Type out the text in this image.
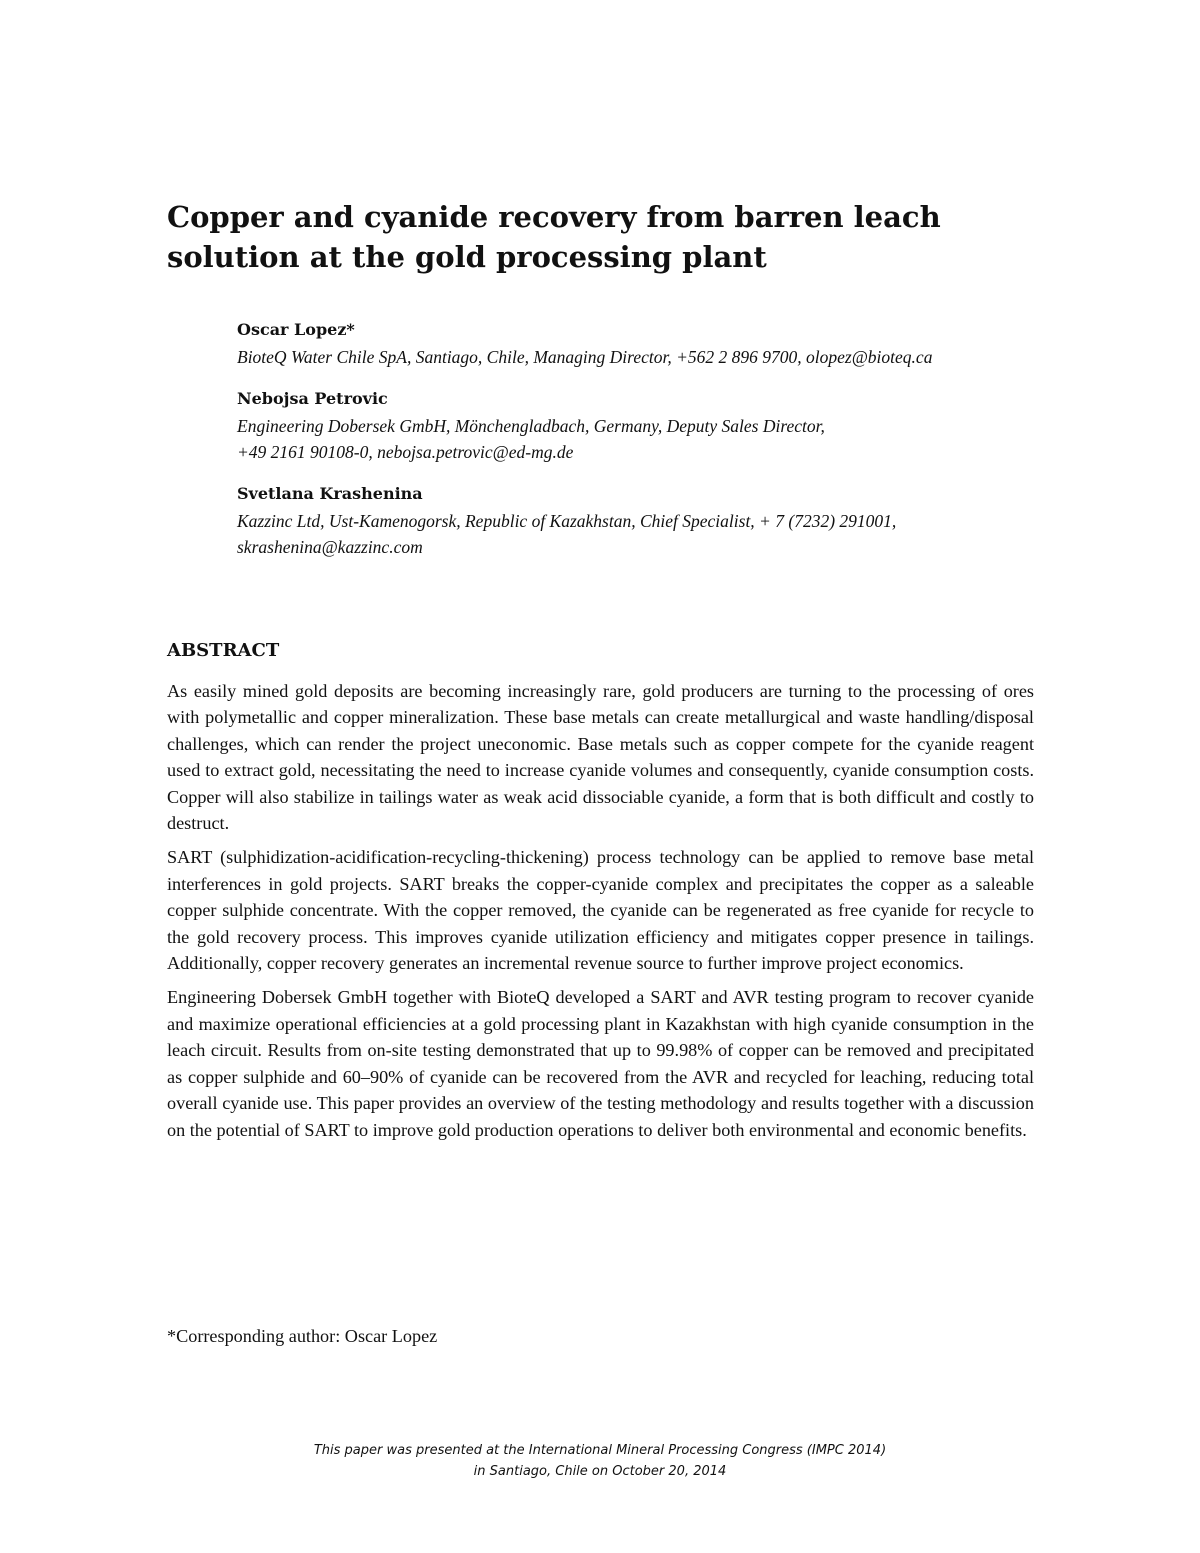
Copper and cyanide recovery from barren leach
solution at the gold processing plant
Oscar Lopez*
BioteQ Water Chile SpA, Santiago, Chile, Managing Director, +562 2 896 9700, olopez@bioteq.ca
Nebojsa Petrovic
Engineering Dobersek GmbH, Mönchengladbach, Germany, Deputy Sales Director,
+49 2161 90108-0, nebojsa.petrovic@ed-mg.de
Svetlana Krashenina
Kazzinc Ltd, Ust-Kamenogorsk, Republic of Kazakhstan, Chief Specialist, + 7 (7232) 291001,
skrashenina@kazzinc.com
ABSTRACT

As easily mined gold deposits are becoming increasingly rare, gold producers are turning to the processing of ores with polymetallic and copper mineralization. These base metals can create metallurgical and waste handling/disposal challenges, which can render the project uneconomic. Base metals such as copper compete for the cyanide reagent used to extract gold, necessitating the need to increase cyanide volumes and consequently, cyanide consumption costs. Copper will also stabilize in tailings water as weak acid dissociable cyanide, a form that is both difficult and costly to destruct.

SART (sulphidization-acidification-recycling-thickening) process technology can be applied to remove base metal interferences in gold projects. SART breaks the copper-cyanide complex and precipitates the copper as a saleable copper sulphide concentrate. With the copper removed, the cyanide can be regenerated as free cyanide for recycle to the gold recovery process. This improves cyanide utilization efficiency and mitigates copper presence in tailings. Additionally, copper recovery generates an incremental revenue source to further improve project economics.

Engineering Dobersek GmbH together with BioteQ developed a SART and AVR testing program to recover cyanide and maximize operational efficiencies at a gold processing plant in Kazakhstan with high cyanide consumption in the leach circuit. Results from on-site testing demonstrated that up to 99.98% of copper can be removed and precipitated as copper sulphide and 60–90% of cyanide can be recovered from the AVR and recycled for leaching, reducing total overall cyanide use. This paper provides an overview of the testing methodology and results together with a discussion on the potential of SART to improve gold production operations to deliver both environmental and economic benefits.

*Corresponding author: Oscar Lopez
This paper was presented at the International Mineral Processing Congress (IMPC 2014)
in Santiago, Chile on October 20, 2014
